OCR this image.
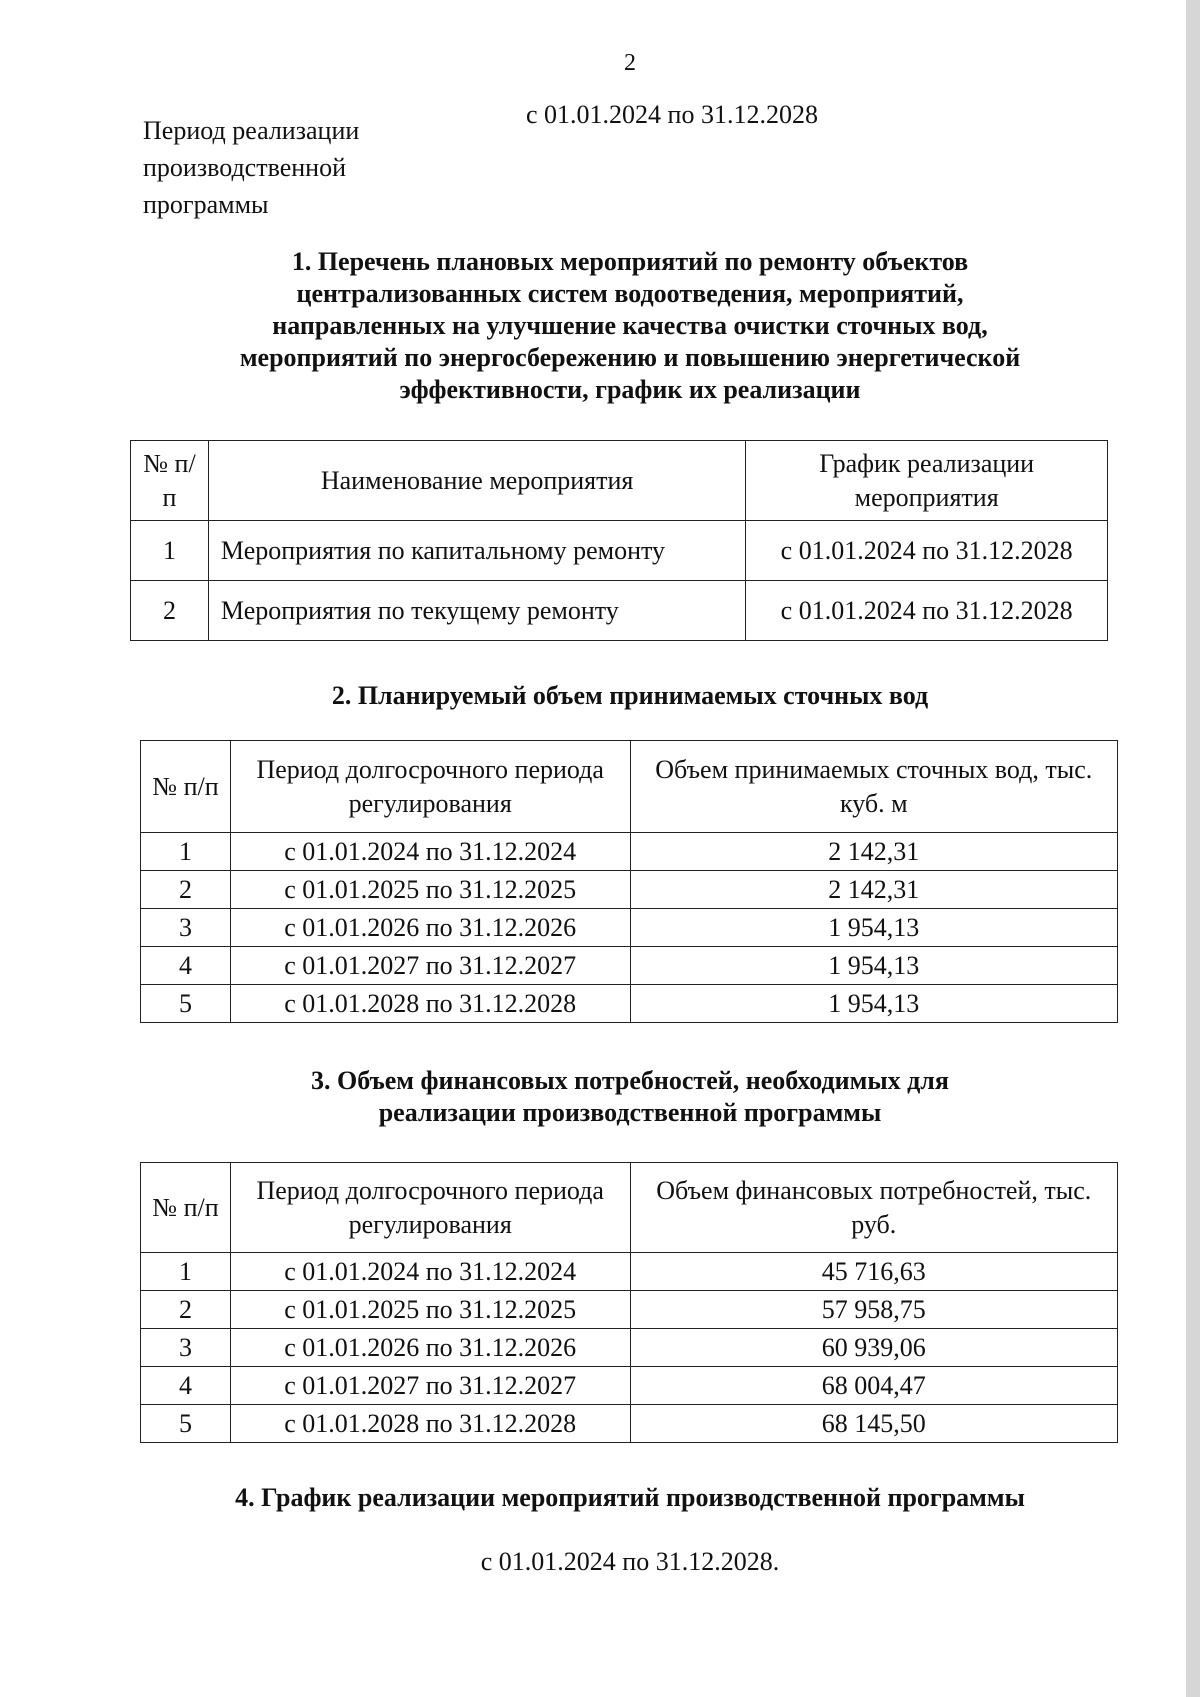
2
Период реализации производственной программы
с 01.01.2024 по 31.12.2028
1. Перечень плановых мероприятий по ремонту объектов
централизованных систем водоотведения, мероприятий,
направленных на улучшение качества очистки сточных вод,
мероприятий по энергосбережению и повышению энергетической
эффективности, график их реализации
№ п/п	Наименование мероприятия	График реализации мероприятия
1	Мероприятия по капитальному ремонту	с 01.01.2024 по 31.12.2028
2	Мероприятия по текущему ремонту	с 01.01.2024 по 31.12.2028
2. Планируемый объем принимаемых сточных вод
№ п/п	Период долгосрочного периода регулирования	Объем принимаемых сточных вод, тыс. куб. м
1	с 01.01.2024 по 31.12.2024	2 142,31
2	с 01.01.2025 по 31.12.2025	2 142,31
3	с 01.01.2026 по 31.12.2026	1 954,13
4	с 01.01.2027 по 31.12.2027	1 954,13
5	с 01.01.2028 по 31.12.2028	1 954,13
3. Объем финансовых потребностей, необходимых для
реализации производственной программы
№ п/п	Период долгосрочного периода регулирования	Объем финансовых потребностей, тыс. руб.
1	с 01.01.2024 по 31.12.2024	45 716,63
2	с 01.01.2025 по 31.12.2025	57 958,75
3	с 01.01.2026 по 31.12.2026	60 939,06
4	с 01.01.2027 по 31.12.2027	68 004,47
5	с 01.01.2028 по 31.12.2028	68 145,50
4. График реализации мероприятий производственной программы
с 01.01.2024 по 31.12.2028.
